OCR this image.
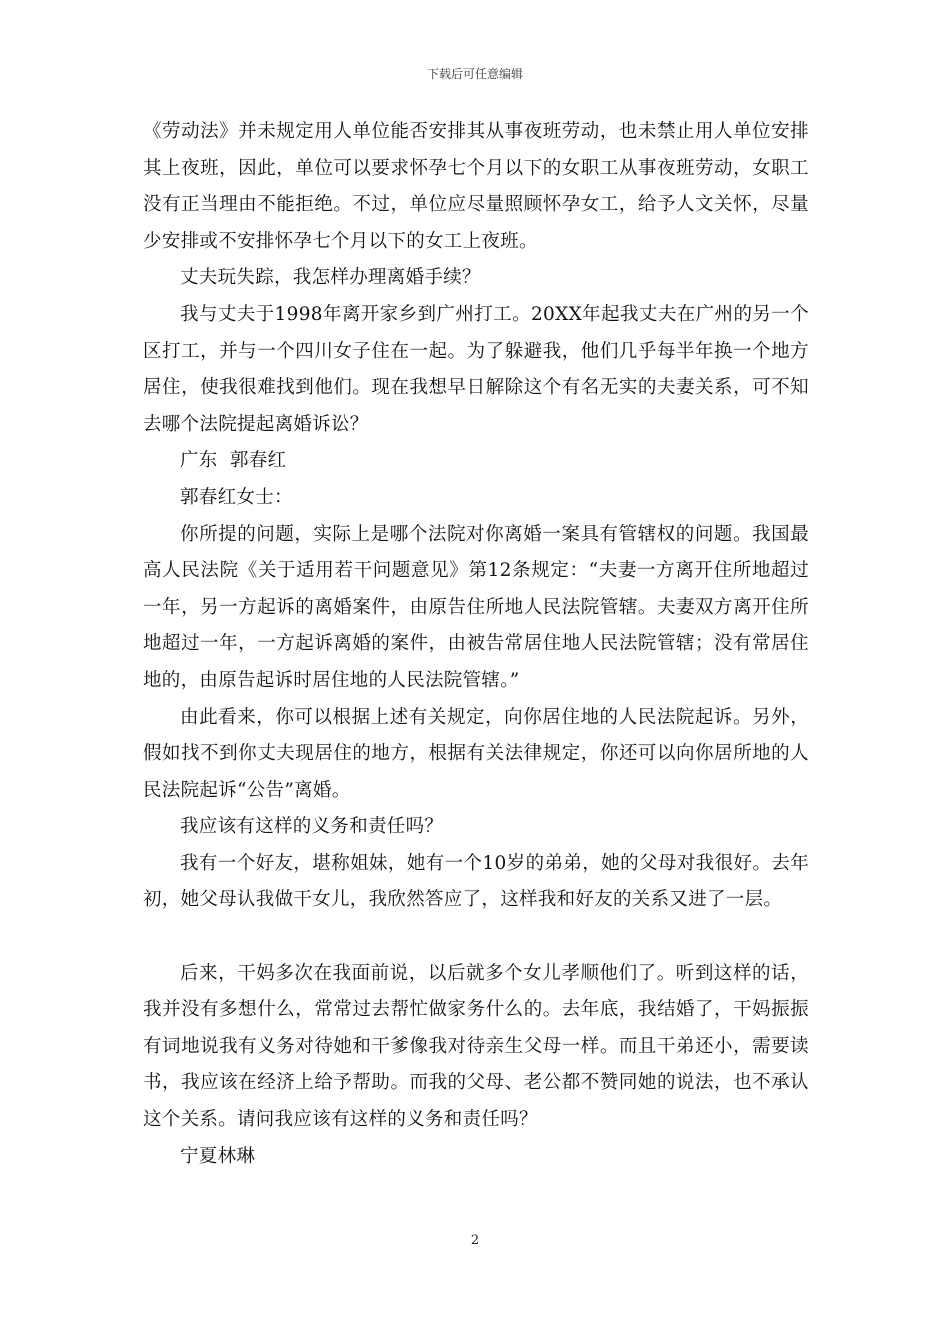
下载后可任意编辑

《劳动法》并未规定用人单位能否安排其从事夜班劳动，也未禁止用人单位安排其上夜班，因此，单位可以要求怀孕七个月以下的女职工从事夜班劳动，女职工没有正当理由不能拒绝。不过，单位应尽量照顾怀孕女工，给予人文关怀，尽量少安排或不安排怀孕七个月以下的女工上夜班。

丈夫玩失踪，我怎样办理离婚手续？

我与丈夫于1998年离开家乡到广州打工。20XX年起我丈夫在广州的另一个区打工，并与一个四川女子住在一起。为了躲避我，他们几乎每半年换一个地方居住，使我很难找到他们。现在我想早日解除这个有名无实的夫妻关系，可不知去哪个法院提起离婚诉讼？

广东  郭春红

郭春红女士：

你所提的问题，实际上是哪个法院对你离婚一案具有管辖权的问题。我国最高人民法院《关于适用若干问题意见》第12条规定：“夫妻一方离开住所地超过一年，另一方起诉的离婚案件，由原告住所地人民法院管辖。夫妻双方离开住所地超过一年，一方起诉离婚的案件，由被告常居住地人民法院管辖；没有常居住地的，由原告起诉时居住地的人民法院管辖。”

由此看来，你可以根据上述有关规定，向你居住地的人民法院起诉。另外，假如找不到你丈夫现居住的地方，根据有关法律规定，你还可以向你居所地的人民法院起诉“公告”离婚。

我应该有这样的义务和责任吗？

我有一个好友，堪称姐妹，她有一个10岁的弟弟，她的父母对我很好。去年初，她父母认我做干女儿，我欣然答应了，这样我和好友的关系又进了一层。

后来，干妈多次在我面前说，以后就多个女儿孝顺他们了。听到这样的话，我并没有多想什么，常常过去帮忙做家务什么的。去年底，我结婚了，干妈振振有词地说我有义务对待她和干爹像我对待亲生父母一样。而且干弟还小，需要读书，我应该在经济上给予帮助。而我的父母、老公都不赞同她的说法，也不承认这个关系。请问我应该有这样的义务和责任吗？

宁夏林琳

2
